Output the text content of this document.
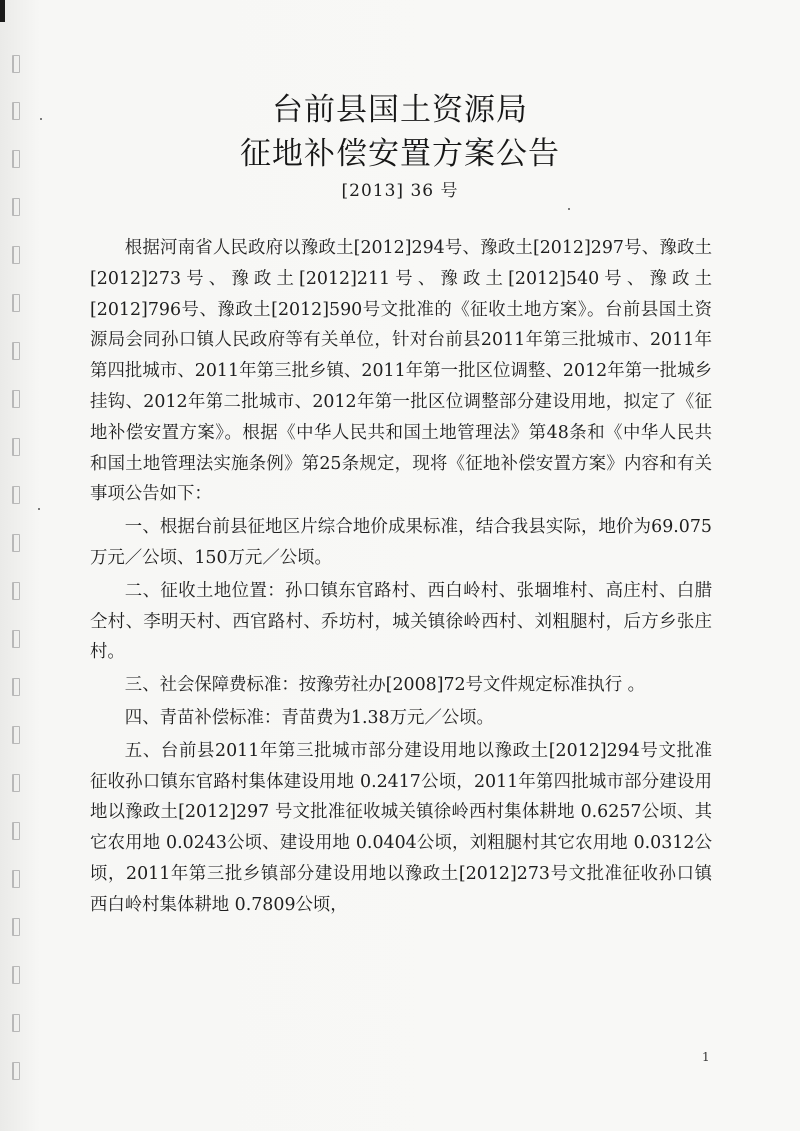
台前县国土资源局
征地补偿安置方案公告
[2013] 36 号

根据河南省人民政府以豫政土[2012]294号、豫政土[2012]297号、豫政土[2012]273号、豫政土[2012]211号、豫政土[2012]540号、豫政土[2012]796号、豫政土[2012]590号文批准的《征收土地方案》。台前县国土资源局会同孙口镇人民政府等有关单位，针对台前县2011年第三批城市、2011年第四批城市、2011年第三批乡镇、2011年第一批区位调整、2012年第一批城乡挂钩、2012年第二批城市、2012年第一批区位调整部分建设用地，拟定了《征地补偿安置方案》。根据《中华人民共和国土地管理法》第48条和《中华人民共和国土地管理法实施条例》第25条规定，现将《征地补偿安置方案》内容和有关事项公告如下：

一、根据台前县征地区片综合地价成果标准，结合我县实际，地价为69.075万元／公顷、150万元／公顷。

二、征收土地位置：孙口镇东官路村、西白岭村、张堌堆村、高庄村、白腊仝村、李明天村、西官路村、乔坊村，城关镇徐岭西村、刘粗腿村，后方乡张庄村。

三、社会保障费标准：按豫劳社办[2008]72号文件规定标准执行 。

四、青苗补偿标准：青苗费为1.38万元／公顷。

五、台前县2011年第三批城市部分建设用地以豫政土[2012]294号文批准征收孙口镇东官路村集体建设用地 0.2417公顷，2011年第四批城市部分建设用地以豫政土[2012]297 号文批准征收城关镇徐岭西村集体耕地 0.6257公顷、其它农用地 0.0243公顷、建设用地 0.0404公顷，刘粗腿村其它农用地 0.0312公顷，2011年第三批乡镇部分建设用地以豫政土[2012]273号文批准征收孙口镇西白岭村集体耕地 0.7809公顷，

1
